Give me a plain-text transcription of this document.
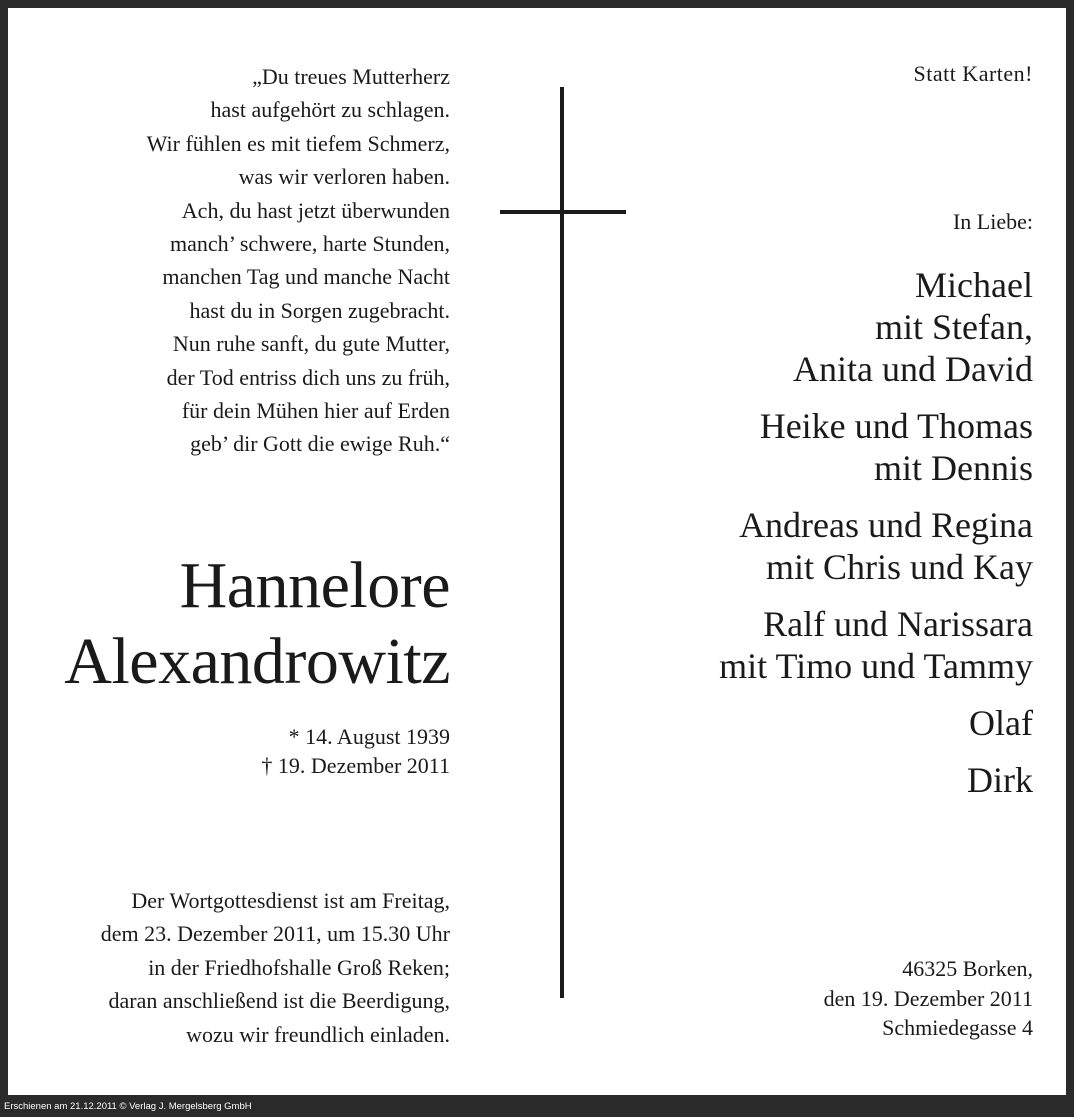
„Du treues Mutterherz
hast aufgehört zu schlagen.
Wir fühlen es mit tiefem Schmerz,
was wir verloren haben.
Ach, du hast jetzt überwunden
manch’ schwere, harte Stunden,
manchen Tag und manche Nacht
hast du in Sorgen zugebracht.
Nun ruhe sanft, du gute Mutter,
der Tod entriss dich uns zu früh,
für dein Mühen hier auf Erden
geb’ dir Gott die ewige Ruh.“
Hannelore
Alexandrowitz
* 14. August 1939
† 19. Dezember 2011
Der Wortgottesdienst ist am Freitag,
dem 23. Dezember 2011, um 15.30 Uhr
in der Friedhofshalle Groß Reken;
daran anschließend ist die Beerdigung,
wozu wir freundlich einladen.
Statt Karten!
In Liebe:
Michael
mit Stefan,
Anita und David
Heike und Thomas
mit Dennis
Andreas und Regina
mit Chris und Kay
Ralf und Narissara
mit Timo und Tammy
Olaf
Dirk
46325 Borken,
den 19. Dezember 2011
Schmiedegasse 4
Erschienen am 21.12.2011 © Verlag J. Mergelsberg GmbH
